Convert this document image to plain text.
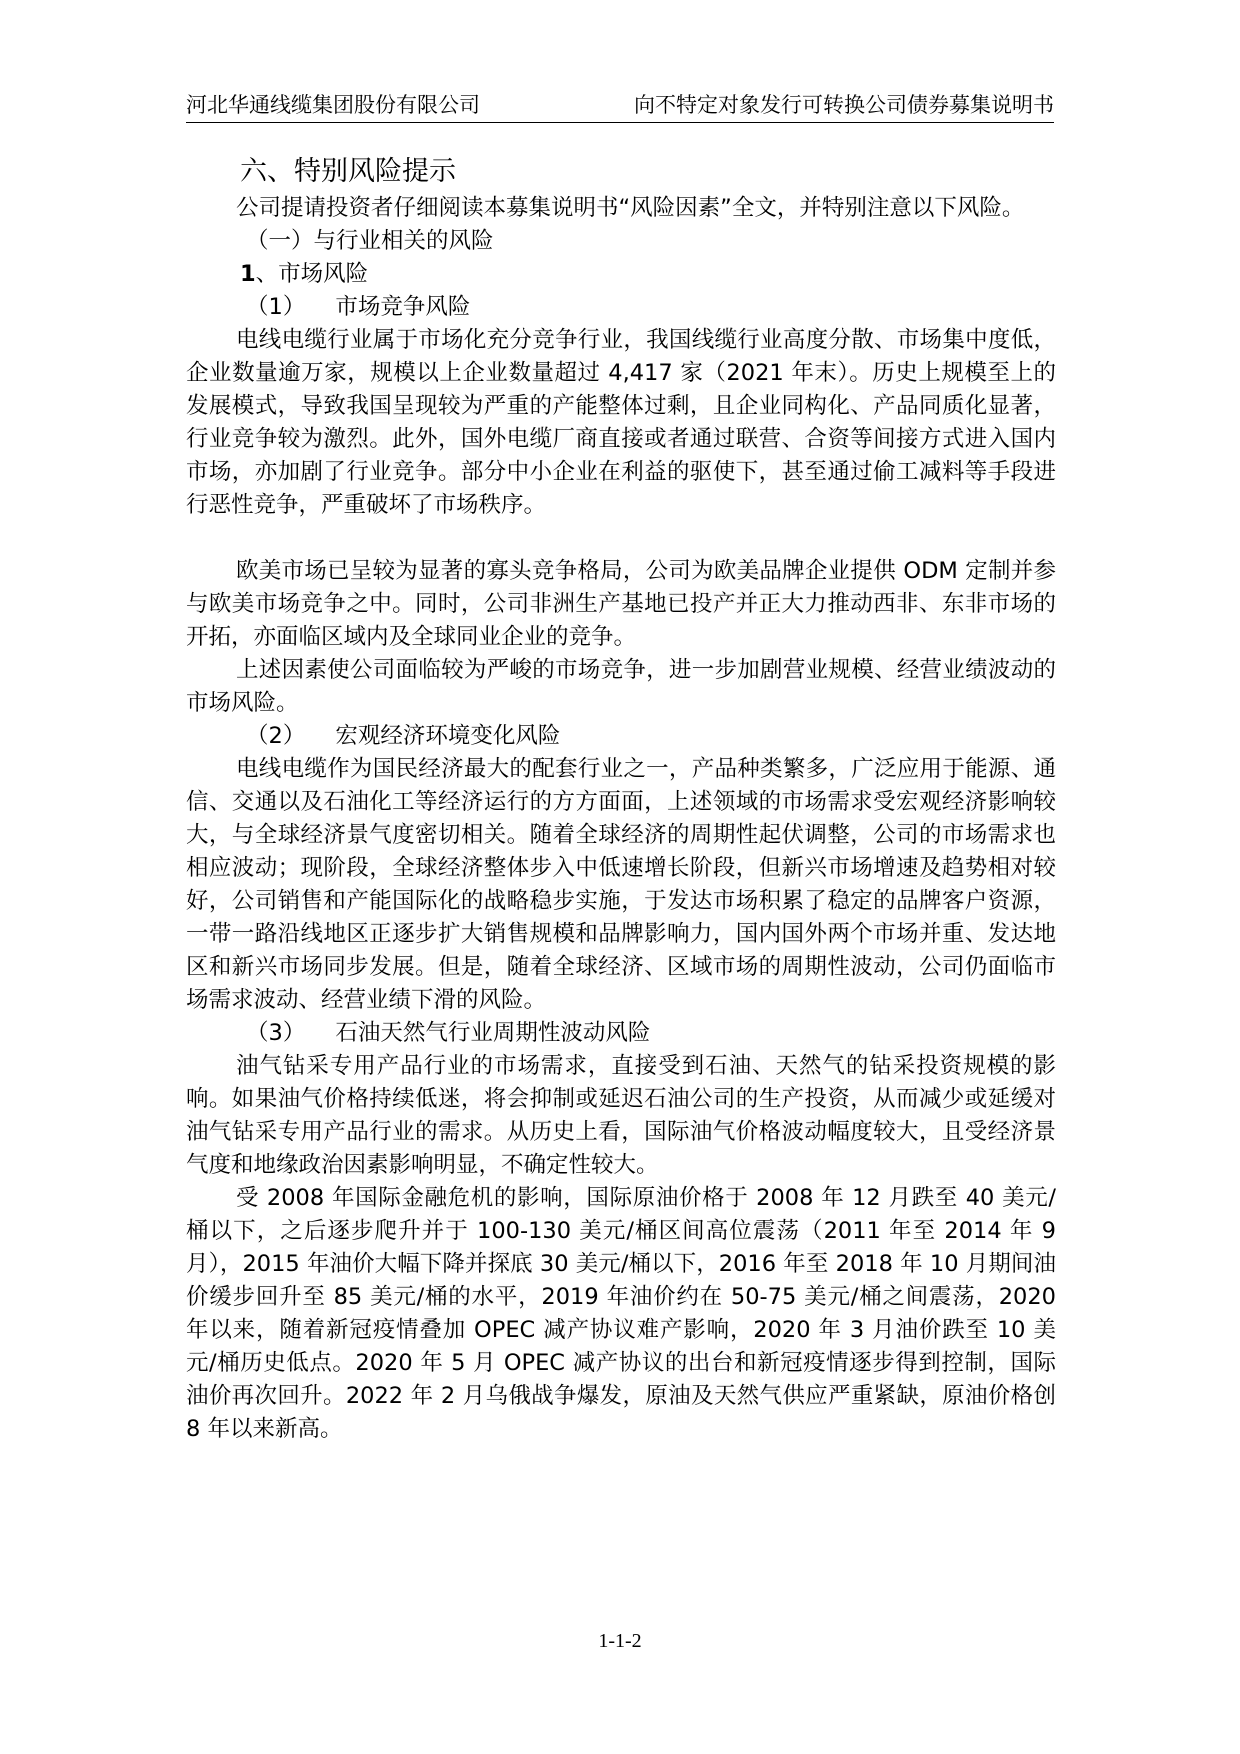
河北华通线缆集团股份有限公司	向不特定对象发行可转换公司债券募集说明书

六、特别风险提示

公司提请投资者仔细阅读本募集说明书“风险因素”全文，并特别注意以下风险。

（一）与行业相关的风险

1、市场风险

（1） 市场竞争风险

电线电缆行业属于市场化充分竞争行业，我国线缆行业高度分散、市场集中度低，企业数量逾万家，规模以上企业数量超过 4,417 家（2021 年末）。历史上规模至上的发展模式，导致我国呈现较为严重的产能整体过剩，且企业同构化、产品同质化显著，行业竞争较为激烈。此外，国外电缆厂商直接或者通过联营、合资等间接方式进入国内市场，亦加剧了行业竞争。部分中小企业在利益的驱使下，甚至通过偷工减料等手段进行恶性竞争，严重破坏了市场秩序。

欧美市场已呈较为显著的寡头竞争格局，公司为欧美品牌企业提供 ODM 定制并参与欧美市场竞争之中。同时，公司非洲生产基地已投产并正大力推动西非、东非市场的开拓，亦面临区域内及全球同业企业的竞争。

上述因素使公司面临较为严峻的市场竞争，进一步加剧营业规模、经营业绩波动的市场风险。

（2） 宏观经济环境变化风险

电线电缆作为国民经济最大的配套行业之一，产品种类繁多，广泛应用于能源、通信、交通以及石油化工等经济运行的方方面面，上述领域的市场需求受宏观经济影响较大，与全球经济景气度密切相关。随着全球经济的周期性起伏调整，公司的市场需求也相应波动；现阶段，全球经济整体步入中低速增长阶段，但新兴市场增速及趋势相对较好，公司销售和产能国际化的战略稳步实施，于发达市场积累了稳定的品牌客户资源，一带一路沿线地区正逐步扩大销售规模和品牌影响力，国内国外两个市场并重、发达地区和新兴市场同步发展。但是，随着全球经济、区域市场的周期性波动，公司仍面临市场需求波动、经营业绩下滑的风险。

（3） 石油天然气行业周期性波动风险

油气钻采专用产品行业的市场需求，直接受到石油、天然气的钻采投资规模的影响。如果油气价格持续低迷，将会抑制或延迟石油公司的生产投资，从而减少或延缓对油气钻采专用产品行业的需求。从历史上看，国际油气价格波动幅度较大，且受经济景气度和地缘政治因素影响明显，不确定性较大。

受 2008 年国际金融危机的影响，国际原油价格于 2008 年 12 月跌至 40 美元/桶以下，之后逐步爬升并于 100-130 美元/桶区间高位震荡（2011 年至 2014 年 9 月），2015 年油价大幅下降并探底 30 美元/桶以下，2016 年至 2018 年 10 月期间油价缓步回升至 85 美元/桶的水平，2019 年油价约在 50-75 美元/桶之间震荡，2020 年以来，随着新冠疫情叠加 OPEC 减产协议难产影响，2020 年 3 月油价跌至 10 美元/桶历史低点。2020 年 5 月 OPEC 减产协议的出台和新冠疫情逐步得到控制，国际油价再次回升。2022 年 2 月乌俄战争爆发，原油及天然气供应严重紧缺，原油价格创 8 年以来新高。

1-1-2
